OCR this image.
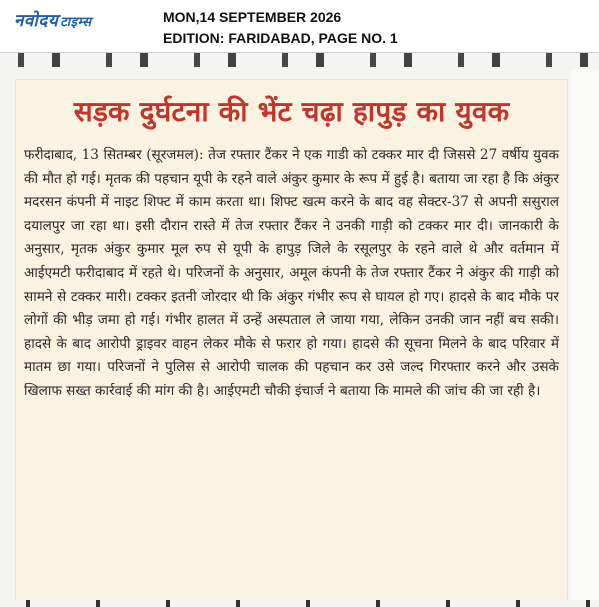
नवोदय टाइम्स	MON,14 SEPTEMBER 2026
EDITION: FARIDABAD, PAGE NO. 1
ﾠ
सड़क दुर्घटना की भेंट चढ़ा हापुड़ का युवक
फरीदाबाद, 13 सितम्बर (सूरजमल): तेज रफ्तार टैंकर ने एक गाडी को टक्कर मार दी जिससे 27 वर्षीय युवक की मौत हो गई। मृतक की पहचान यूपी के रहने वाले अंकुर कुमार के रूप में हुई है। बताया जा रहा है कि अंकुर मदरसन कंपनी में नाइट शिफ्ट में काम करता था। शिफ्ट खत्म करने के बाद वह सेक्टर-37 से अपनी ससुराल दयालपुर जा रहा था। इसी दौरान रास्ते में तेज रफ्तार टैंकर ने उनकी गाड़ी को टक्कर मार दी। जानकारी के अनुसार, मृतक अंकुर कुमार मूल रुप से यूपी के हापुड़ जिले के रसूलपुर के रहने वाले थे और वर्तमान में आईएमटी फरीदाबाद में रहते थे। परिजनों के अनुसार, अमूल कंपनी के तेज रफ्तार टैंकर ने अंकुर की गाड़ी को सामने से टक्कर मारी। टक्कर इतनी जोरदार थी कि अंकुर गंभीर रूप से घायल हो गए। हादसे के बाद मौके पर लोगों की भीड़ जमा हो गई। गंभीर हालत में उन्हें अस्पताल ले जाया गया, लेकिन उनकी जान नहीं बच सकी। हादसे के बाद आरोपी ड्राइवर वाहन लेकर मौके से फरार हो गया। हादसे की सूचना मिलने के बाद परिवार में मातम छा गया। परिजनों ने पुलिस से आरोपी चालक की पहचान कर उसे जल्द गिरफ्तार करने और उसके खिलाफ सख्त कार्रवाई की मांग की है। आईएमटी चौकी इंचार्ज ने बताया कि मामले की जांच की जा रही है।
